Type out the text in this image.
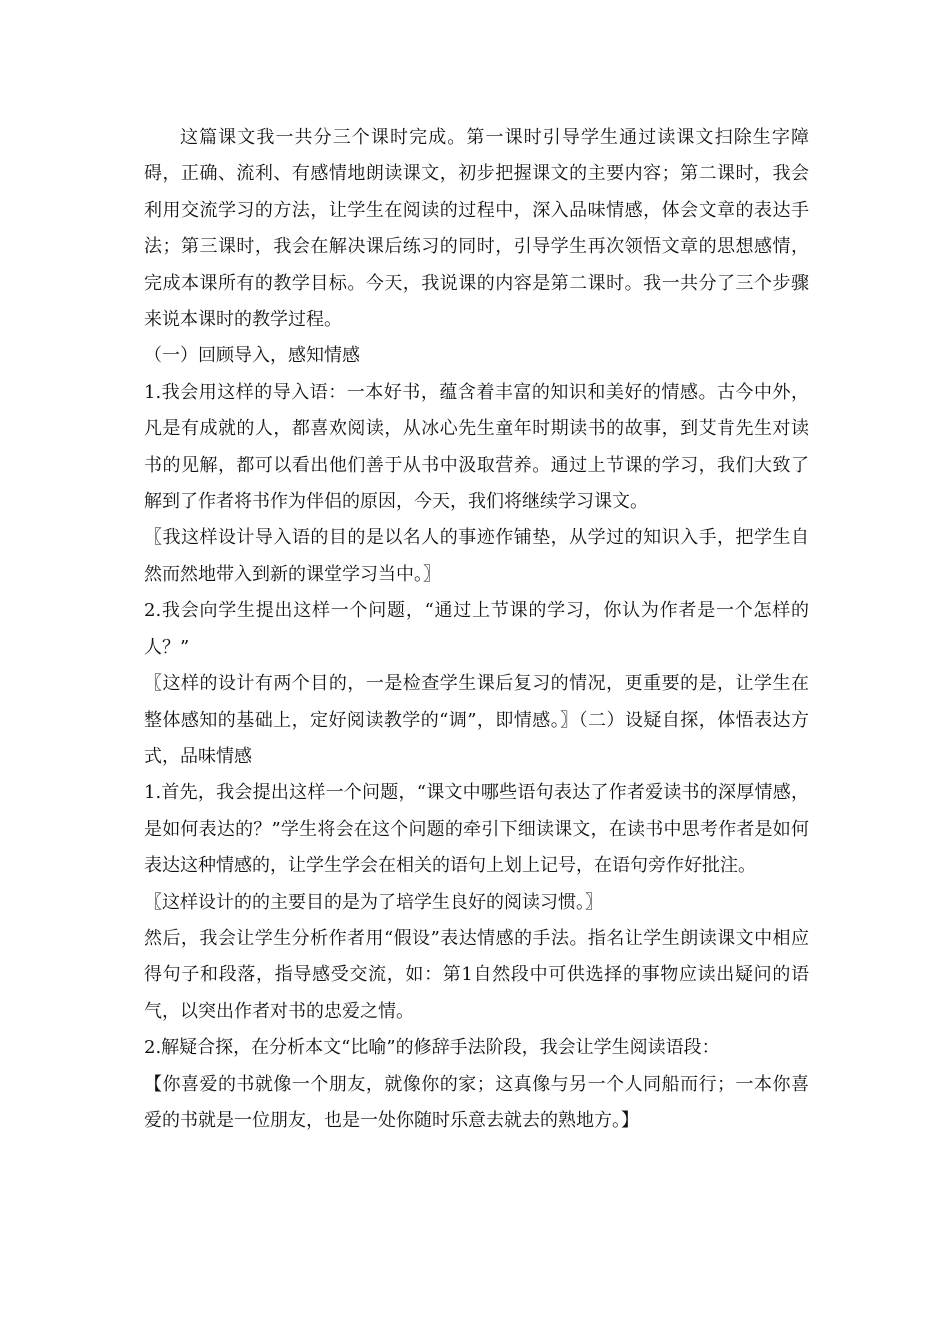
这篇课文我一共分三个课时完成。第一课时引导学生通过读课文扫除生字障碍，正确、流利、有感情地朗读课文，初步把握课文的主要内容；第二课时，我会利用交流学习的方法，让学生在阅读的过程中，深入品味情感，体会文章的表达手法；第三课时，我会在解决课后练习的同时，引导学生再次领悟文章的思想感情，完成本课所有的教学目标。今天，我说课的内容是第二课时。我一共分了三个步骤来说本课时的教学过程。

（一）回顾导入，感知情感

1.我会用这样的导入语：一本好书，蕴含着丰富的知识和美好的情感。古今中外，凡是有成就的人，都喜欢阅读，从冰心先生童年时期读书的故事，到艾肯先生对读书的见解，都可以看出他们善于从书中汲取营养。通过上节课的学习，我们大致了解到了作者将书作为伴侣的原因，今天，我们将继续学习课文。

〖我这样设计导入语的目的是以名人的事迹作铺垫，从学过的知识入手，把学生自然而然地带入到新的课堂学习当中。〗

2.我会向学生提出这样一个问题，“通过上节课的学习，你认为作者是一个怎样的人？”

〖这样的设计有两个目的，一是检查学生课后复习的情况，更重要的是，让学生在整体感知的基础上，定好阅读教学的“调”，即情感。〗（二）设疑自探，体悟表达方式，品味情感

1.首先，我会提出这样一个问题，“课文中哪些语句表达了作者爱读书的深厚情感，是如何表达的？”学生将会在这个问题的牵引下细读课文，在读书中思考作者是如何表达这种情感的，让学生学会在相关的语句上划上记号，在语句旁作好批注。

〖这样设计的的主要目的是为了培学生良好的阅读习惯。〗

然后，我会让学生分析作者用“假设”表达情感的手法。指名让学生朗读课文中相应得句子和段落，指导感受交流，如：第1自然段中可供选择的事物应读出疑问的语气，以突出作者对书的忠爱之情。

2.解疑合探，在分析本文“比喻”的修辞手法阶段，我会让学生阅读语段：

【你喜爱的书就像一个朋友，就像你的家；这真像与另一个人同船而行；一本你喜爱的书就是一位朋友，也是一处你随时乐意去就去的熟地方。】
